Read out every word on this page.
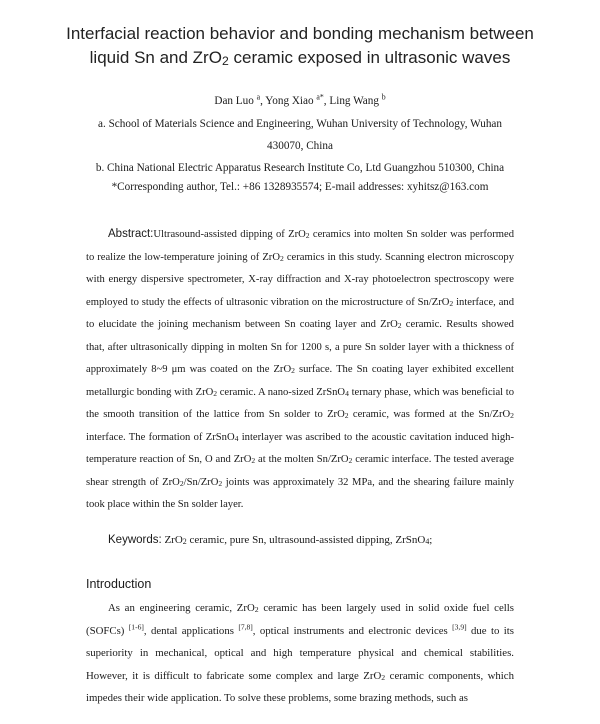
Interfacial reaction behavior and bonding mechanism between
liquid Sn and ZrO$_2$ ceramic exposed in ultrasonic waves
Dan Luo $^a$, Yong Xiao $^{a*}$, Ling Wang $^b$
a. School of Materials Science and Engineering, Wuhan University of Technology, Wuhan
430070, China
b. China National Electric Apparatus Research Institute Co, Ltd Guangzhou 510300, China
*Corresponding author, Tel.: +86 1328935574; E-mail addresses: xyhitsz@163.com
Abstract:Ultrasound-assisted dipping of ZrO$_2$ ceramics into molten Sn solder was performed to realize the low-temperature joining of ZrO$_2$ ceramics in this study. Scanning electron microscopy with energy dispersive spectrometer, X-ray diffraction and X-ray photoelectron spectroscopy were employed to study the effects of ultrasonic vibration on the microstructure of Sn/ZrO$_2$ interface, and to elucidate the joining mechanism between Sn coating layer and ZrO$_2$ ceramic. Results showed that, after ultrasonically dipping in molten Sn for 1200 s, a pure Sn solder layer with a thickness of approximately 8~9 μm was coated on the ZrO$_2$ surface. The Sn coating layer exhibited excellent metallurgic bonding with ZrO$_2$ ceramic. A nano-sized ZrSnO$_4$ ternary phase, which was beneficial to the smooth transition of the lattice from Sn solder to ZrO$_2$ ceramic, was formed at the Sn/ZrO$_2$ interface. The formation of ZrSnO$_4$ interlayer was ascribed to the acoustic cavitation induced high-temperature reaction of Sn, O and ZrO$_2$ at the molten Sn/ZrO$_2$ ceramic interface. The tested average shear strength of ZrO$_2$/Sn/ZrO$_2$ joints was approximately 32 MPa, and the shearing failure mainly took place within the Sn solder layer.
Keywords: ZrO$_2$ ceramic, pure Sn, ultrasound-assisted dipping, ZrSnO$_4$;
Introduction
As an engineering ceramic, ZrO$_2$ ceramic has been largely used in solid oxide fuel cells (SOFCs) [1-6], dental applications [7,8], optical instruments and electronic devices [3,9] due to its superiority in mechanical, optical and high temperature physical and chemical stabilities. However, it is difficult to fabricate some complex and large ZrO$_2$ ceramic components, which impedes their wide application. To solve these problems, some brazing methods, such as
